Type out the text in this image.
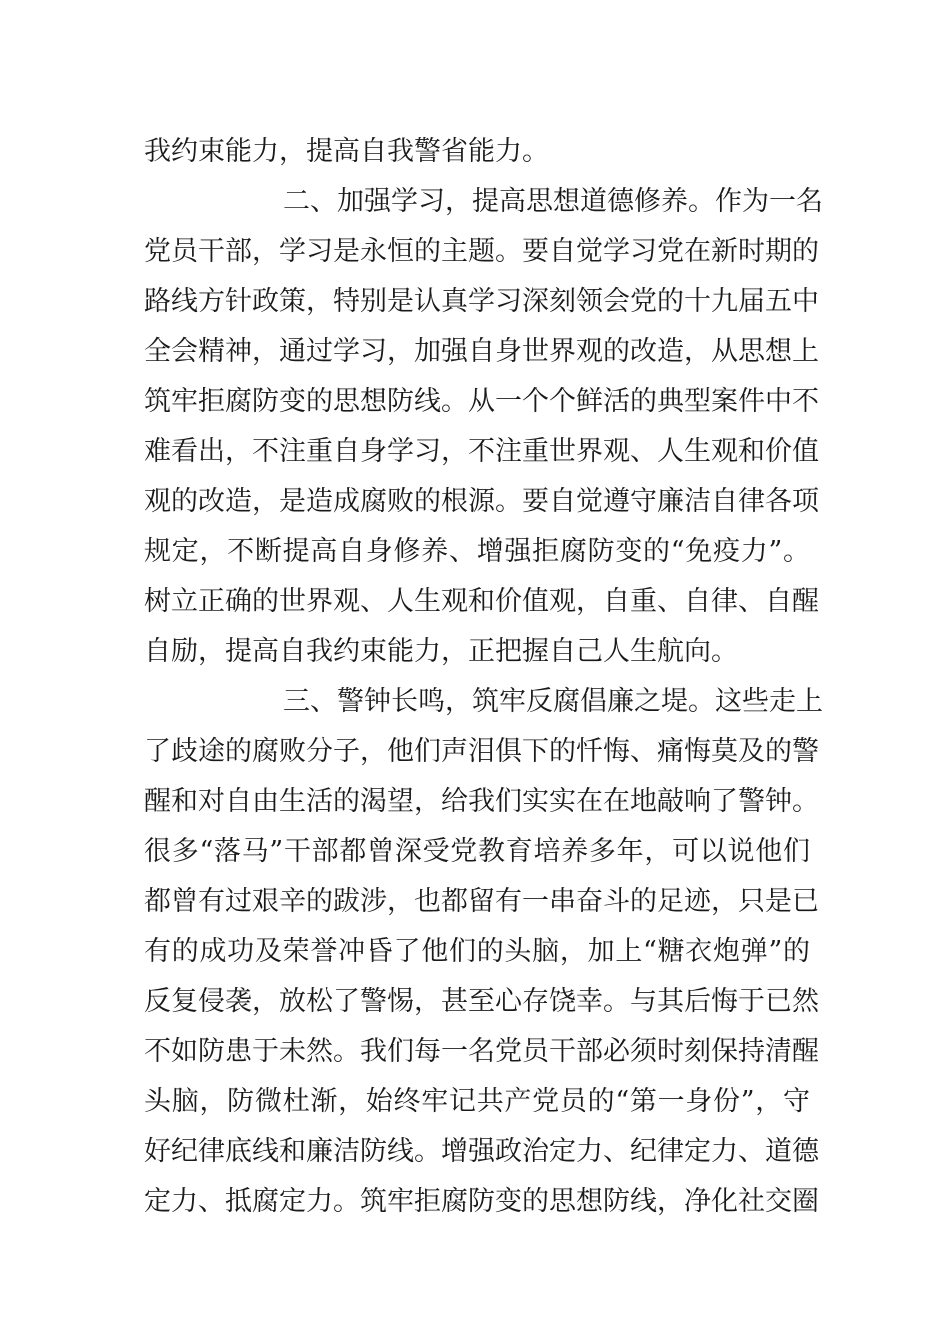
我约束能力，提高自我警省能力。
二、加强学习，提高思想道德修养。作为一名
党员干部，学习是永恒的主题。要自觉学习党在新时期的
路线方针政策，特别是认真学习深刻领会党的十九届五中
全会精神，通过学习，加强自身世界观的改造，从思想上
筑牢拒腐防变的思想防线。从一个个鲜活的典型案件中不
难看出，不注重自身学习，不注重世界观、人生观和价值
观的改造，是造成腐败的根源。要自觉遵守廉洁自律各项
规定，不断提高自身修养、增强拒腐防变的“免疫力”。
树立正确的世界观、人生观和价值观，自重、自律、自醒
自励，提高自我约束能力，正把握自己人生航向。
三、警钟长鸣，筑牢反腐倡廉之堤。这些走上
了歧途的腐败分子，他们声泪俱下的忏悔、痛悔莫及的警
醒和对自由生活的渴望，给我们实实在在地敲响了警钟。
很多“落马”干部都曾深受党教育培养多年，可以说他们
都曾有过艰辛的跋涉，也都留有一串奋斗的足迹，只是已
有的成功及荣誉冲昏了他们的头脑，加上“糖衣炮弹”的
反复侵袭，放松了警惕，甚至心存饶幸。与其后悔于已然
不如防患于未然。我们每一名党员干部必须时刻保持清醒
头脑，防微杜渐，始终牢记共产党员的“第一身份”，守
好纪律底线和廉洁防线。增强政治定力、纪律定力、道德
定力、抵腐定力。筑牢拒腐防变的思想防线，净化社交圈
